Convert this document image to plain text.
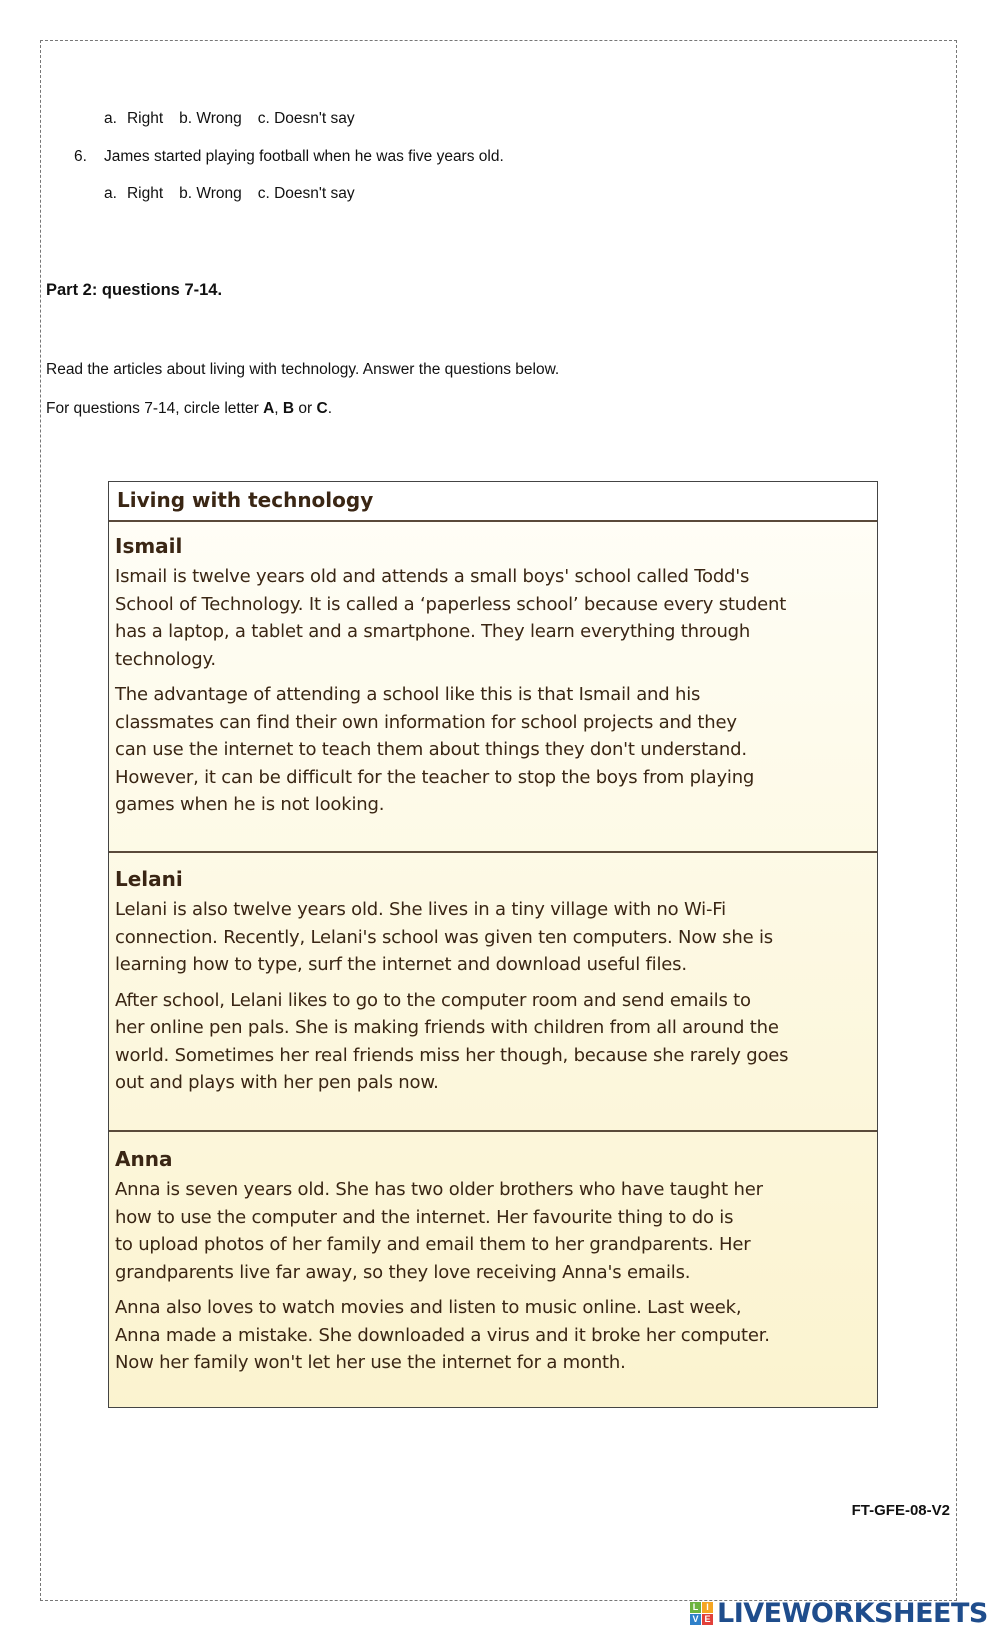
a. Right b. Wrong c. Doesn't say
6. James started playing football when he was five years old.
a. Right b. Wrong c. Doesn't say
Part 2: questions 7-14.
Read the articles about living with technology. Answer the questions below.
For questions 7-14, circle letter A, B or C.
Living with technology
Ismail
Ismail is twelve years old and attends a small boys' school called Todd's
School of Technology. It is called a ‘paperless school’ because every student
has a laptop, a tablet and a smartphone. They learn everything through
technology.
The advantage of attending a school like this is that Ismail and his
classmates can find their own information for school projects and they
can use the internet to teach them about things they don't understand.
However, it can be difficult for the teacher to stop the boys from playing
games when he is not looking.
Lelani
Lelani is also twelve years old. She lives in a tiny village with no Wi-Fi
connection. Recently, Lelani's school was given ten computers. Now she is
learning how to type, surf the internet and download useful files.
After school, Lelani likes to go to the computer room and send emails to
her online pen pals. She is making friends with children from all around the
world. Sometimes her real friends miss her though, because she rarely goes
out and plays with her pen pals now.
Anna
Anna is seven years old. She has two older brothers who have taught her
how to use the computer and the internet. Her favourite thing to do is
to upload photos of her family and email them to her grandparents. Her
grandparents live far away, so they love receiving Anna's emails.
Anna also loves to watch movies and listen to music online. Last week,
Anna made a mistake. She downloaded a virus and it broke her computer.
Now her family won't let her use the internet for a month.
FT-GFE-08-V2
L I
V E LIVEWORKSHEETS
